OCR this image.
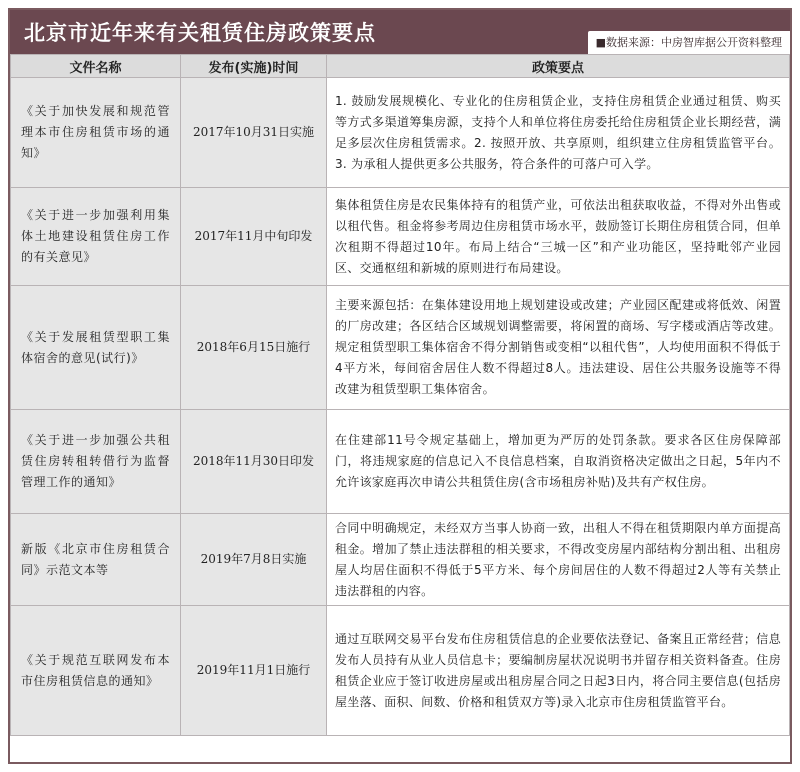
北京市近年来有关租赁住房政策要点	■数据来源：中房智库据公开资料整理
文件名称	发布(实施)时间	政策要点
《关于加快发展和规范管理本市住房租赁市场的通知》	2017年10月31日实施	1. 鼓励发展规模化、专业化的住房租赁企业，支持住房租赁企业通过租赁、购买等方式多渠道筹集房源，支持个人和单位将住房委托给住房租赁企业长期经营，满足多层次住房租赁需求。2. 按照开放、共享原则，组织建立住房租赁监管平台。3. 为承租人提供更多公共服务，符合条件的可落户可入学。
《关于进一步加强利用集体土地建设租赁住房工作的有关意见》	2017年11月中旬印发	集体租赁住房是农民集体持有的租赁产业，可依法出租获取收益，不得对外出售或以租代售。租金将参考周边住房租赁市场水平，鼓励签订长期住房租赁合同，但单次租期不得超过10年。布局上结合“三城一区”和产业功能区，坚持毗邻产业园区、交通枢纽和新城的原则进行布局建设。
《关于发展租赁型职工集体宿舍的意见(试行)》	2018年6月15日施行	主要来源包括：在集体建设用地上规划建设或改建；产业园区配建或将低效、闲置的厂房改建；各区结合区域规划调整需要，将闲置的商场、写字楼或酒店等改建。规定租赁型职工集体宿舍不得分割销售或变相“以租代售”，人均使用面积不得低于4平方米，每间宿舍居住人数不得超过8人。违法建设、居住公共服务设施等不得改建为租赁型职工集体宿舍。
《关于进一步加强公共租赁住房转租转借行为监督管理工作的通知》	2018年11月30日印发	在住建部11号令规定基础上，增加更为严厉的处罚条款。要求各区住房保障部门，将违规家庭的信息记入不良信息档案，自取消资格决定做出之日起，5年内不允许该家庭再次申请公共租赁住房(含市场租房补贴)及共有产权住房。
新版《北京市住房租赁合同》示范文本等	2019年7月8日实施	合同中明确规定，未经双方当事人协商一致，出租人不得在租赁期限内单方面提高租金。增加了禁止违法群租的相关要求，不得改变房屋内部结构分割出租、出租房屋人均居住面积不得低于5平方米、每个房间居住的人数不得超过2人等有关禁止违法群租的内容。
《关于规范互联网发布本市住房租赁信息的通知》	2019年11月1日施行	通过互联网交易平台发布住房租赁信息的企业要依法登记、备案且正常经营；信息发布人员持有从业人员信息卡；要编制房屋状况说明书并留存相关资料备查。住房租赁企业应于签订收进房屋或出租房屋合同之日起3日内，将合同主要信息(包括房屋坐落、面积、间数、价格和租赁双方等)录入北京市住房租赁监管平台。
